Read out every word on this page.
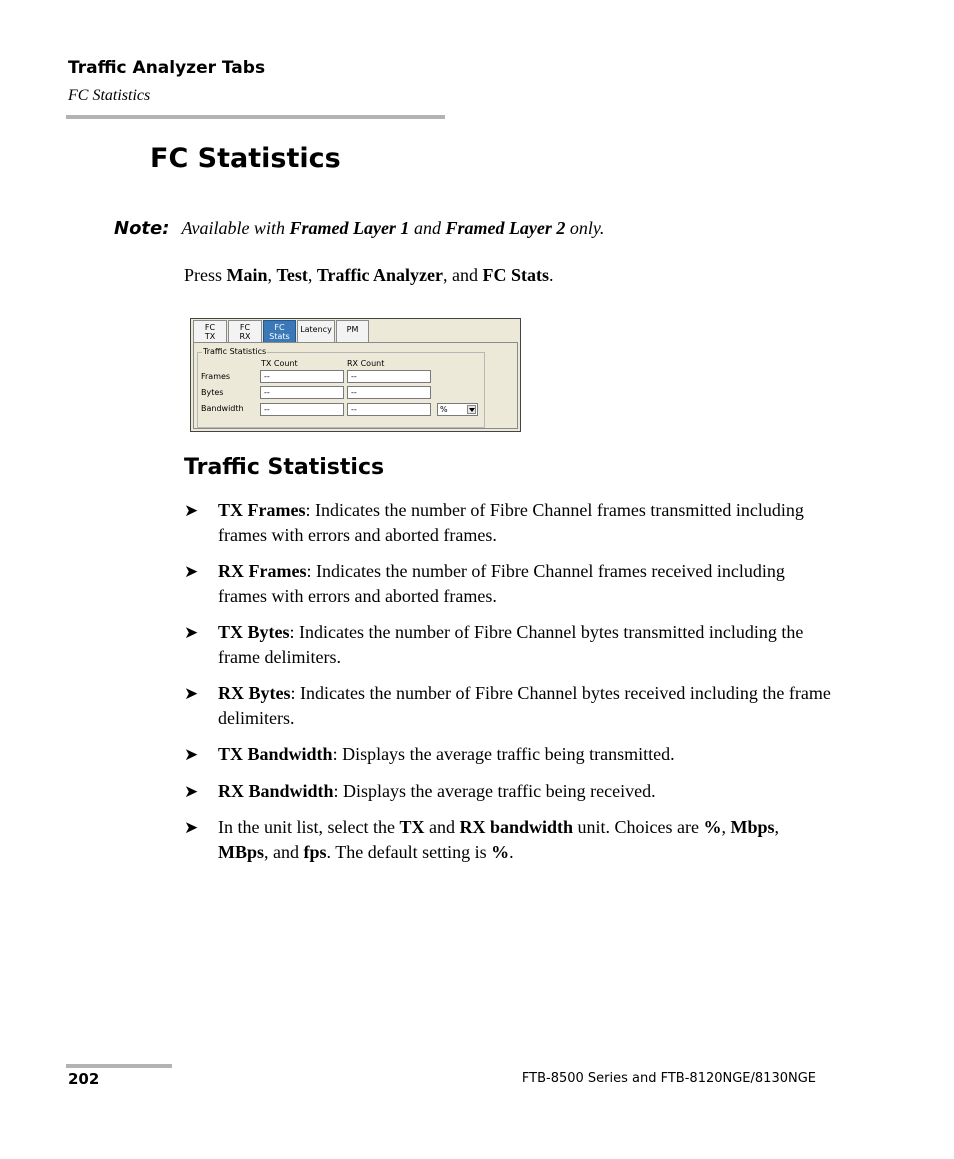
Traffic Analyzer Tabs
FC Statistics
FC Statistics
Note: Available with Framed Layer 1 and Framed Layer 2 only.
Press Main, Test, Traffic Analyzer, and FC Stats.
FC
TX
FC
RX
FC
Stats
Latency	PM
Traffic Statistics
TX Count	RX Count
Frames	--	--
Bytes	--	--
Bandwidth	--	--	%
Traffic Statistics
➤ TX Frames: Indicates the number of Fibre Channel frames transmitted including frames with errors and aborted frames.
➤ RX Frames: Indicates the number of Fibre Channel frames received including frames with errors and aborted frames.
➤ TX Bytes: Indicates the number of Fibre Channel bytes transmitted including the frame delimiters.
➤ RX Bytes: Indicates the number of Fibre Channel bytes received including the frame delimiters.
➤ TX Bandwidth: Displays the average traffic being transmitted.
➤ RX Bandwidth: Displays the average traffic being received.
➤ In the unit list, select the TX and RX bandwidth unit. Choices are %, Mbps, MBps, and fps. The default setting is %.
202	FTB-8500 Series and FTB-8120NGE/8130NGE
